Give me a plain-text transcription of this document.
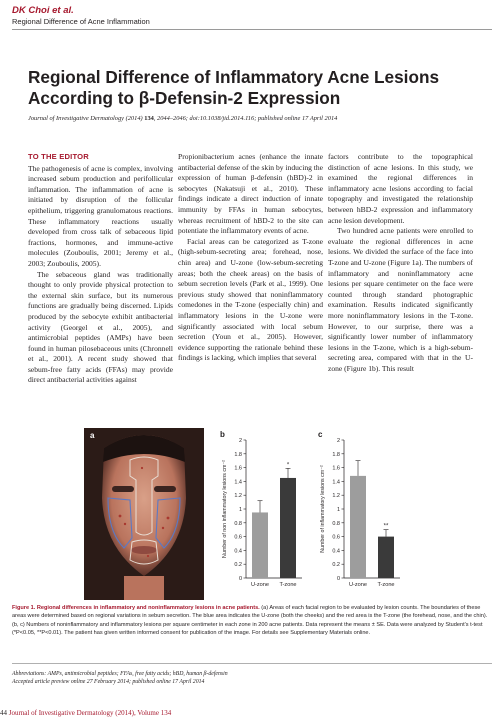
DK Choi et al.
Regional Difference of Acne Inflammation
Regional Difference of Inflammatory Acne Lesions According to β-Defensin-2 Expression
Journal of Investigative Dermatology (2014) 134, 2044–2046; doi:10.1038/jid.2014.116; published online 17 April 2014
TO THE EDITOR

The pathogenesis of acne is complex, involving increased sebum production and perifollicular inflammation. The inflammation of acne is initiated by disruption of the follicular epithelium, triggering granulomatous reactions. These inflammatory reactions usually developed from cross talk of sebaceous lipid fractions, hormones, and immune-active molecules (Zouboulis, 2001; Jeremy et al., 2003; Zouboulis, 2005).

The sebaceous gland was traditionally thought to only provide physical protection to the external skin surface, but its numerous functions are gradually being discerned. Lipids produced by the sebocyte exhibit antibacterial activity (Georgel et al., 2005), and antimicrobial peptides (AMPs) have been found in human pilosebaceous units (Chronnell et al., 2001). A recent study showed that sebum-free fatty acids (FFAs) may provide direct antibacterial activities against

Propionibacterium acnes (enhance the innate antibacterial defense of the skin by inducing the expression of human β-defensin (hBD)-2 in sebocytes (Nakatsuji et al., 2010). These findings indicate a direct induction of innate immunity by FFAs in human sebocytes, whereas recruitment of hBD-2 to the site can potentiate the inflammatory events of acne.

Facial areas can be categorized as T-zone (high-sebum-secreting area; forehead, nose, chin area) and U-zone (low-sebum-secreting areas; both the cheek areas) on the basis of sebum secretion levels (Park et al., 1999). One previous study showed that noninflammatory comedones in the T-zone (especially chin) and inflammatory lesions in the U-zone were significantly associated with local sebum secretion (Youn et al., 2005). However, evidence supporting the rationale behind these findings is lacking, which implies that several

factors contribute to the topographical distinction of acne lesions. In this study, we examined the regional differences in inflammatory acne lesions according to facial topography and investigated the relationship between hBD-2 expression and inflammatory acne lesion development.

Two hundred acne patients were enrolled to evaluate the regional differences in acne lesions. We divided the surface of the face into T-zone and U-zone (Figure 1a). The numbers of inflammatory and noninflammatory acne lesions per square centimeter on the face were counted through standard photographic examination. Results indicated significantly more noninflammatory lesions in the T-zone. However, to our surprise, there was a significantly lower number of inflammatory lesions in the T-zone, which is a high-sebum-secreting area, compared with that in the U-zone (Figure 1b). This result

a	b	c
0
0.2
0.4
0.6
0.8
1
1.2
1.4
1.6
1.8
2
Number of non inflammatory lesions cm⁻²
U-zone
*
T-zone
0
0.2
0.4
0.6
0.8
1
1.2
1.4
1.6
1.8
2
Number of inflammatory lesions cm⁻²
U-zone
**
T-zone
Figure 1. Regional differences in inflammatory and noninflammatory lesions in acne patients. (a) Areas of each facial region to be evaluated by lesion counts. The boundaries of these areas were determined based on regional variations in sebum secretion. The blue area indicates the U-zone (both the cheeks) and the red area is the T-zone (the forehead, nose, and the chin). (b, c) Numbers of noninflammatory and inflammatory lesions per square centimeter in each zone in 200 acne patients. Data represent the means ± SE. Data were analyzed by Student's t-test (*P<0.05, **P<0.01). The patient has given written informed consent for publication of the image. For details see Supplementary Materials online.
Abbreviations: AMPs, antimicrobial peptides; FFAs, free fatty acids; hBD, human β-defensin
Accepted article preview online 27 February 2014; published online 17 April 2014
44 Journal of Investigative Dermatology (2014), Volume 134
